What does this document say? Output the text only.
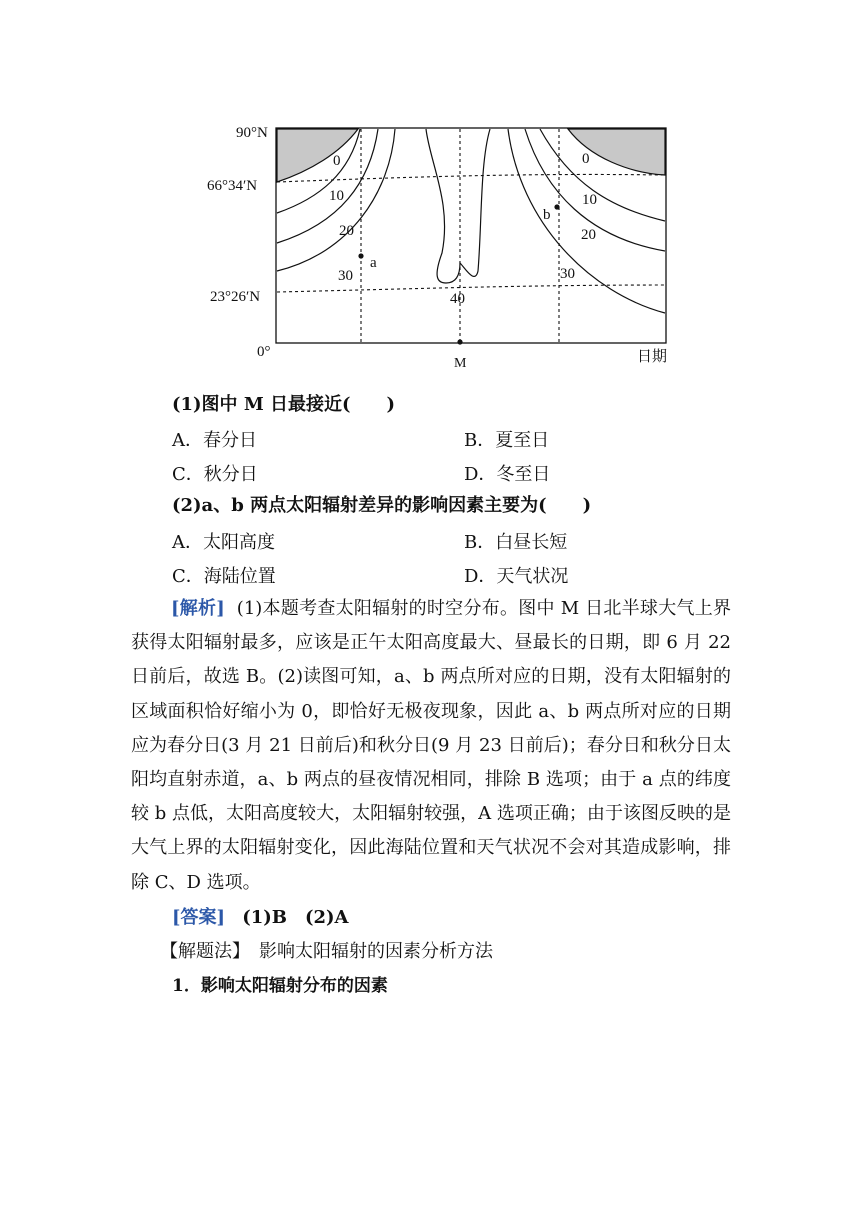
90°N
66°34′N
23°26′N
0°
M	日期
0
10
20
30
40
0
10
20
30
a
b
(1)图中 M 日最接近(　　)
A．春分日	B．夏至日
C．秋分日	D．冬至日
(2)a、b 两点太阳辐射差异的影响因素主要为(　　)
A．太阳高度	B．白昼长短
C．海陆位置	D．天气状况
[解析] (1)本题考查太阳辐射的时空分布。图中 M 日北半球大气上界获得太阳辐射最多，应该是正午太阳高度最大、昼最长的日期，即 6 月 22 日前后，故选 B。(2)读图可知，a、b 两点所对应的日期，没有太阳辐射的区域面积恰好缩小为 0，即恰好无极夜现象，因此 a、b 两点所对应的日期应为春分日(3 月 21 日前后)和秋分日(9 月 23 日前后)；春分日和秋分日太阳均直射赤道，a、b 两点的昼夜情况相同，排除 B 选项；由于 a 点的纬度较 b 点低，太阳高度较大，太阳辐射较强，A 选项正确；由于该图反映的是大气上界的太阳辐射变化，因此海陆位置和天气状况不会对其造成影响，排除 C、D 选项。
[答案] (1)B　(2)A
【解题法】　影响太阳辐射的因素分析方法
1．影响太阳辐射分布的因素
